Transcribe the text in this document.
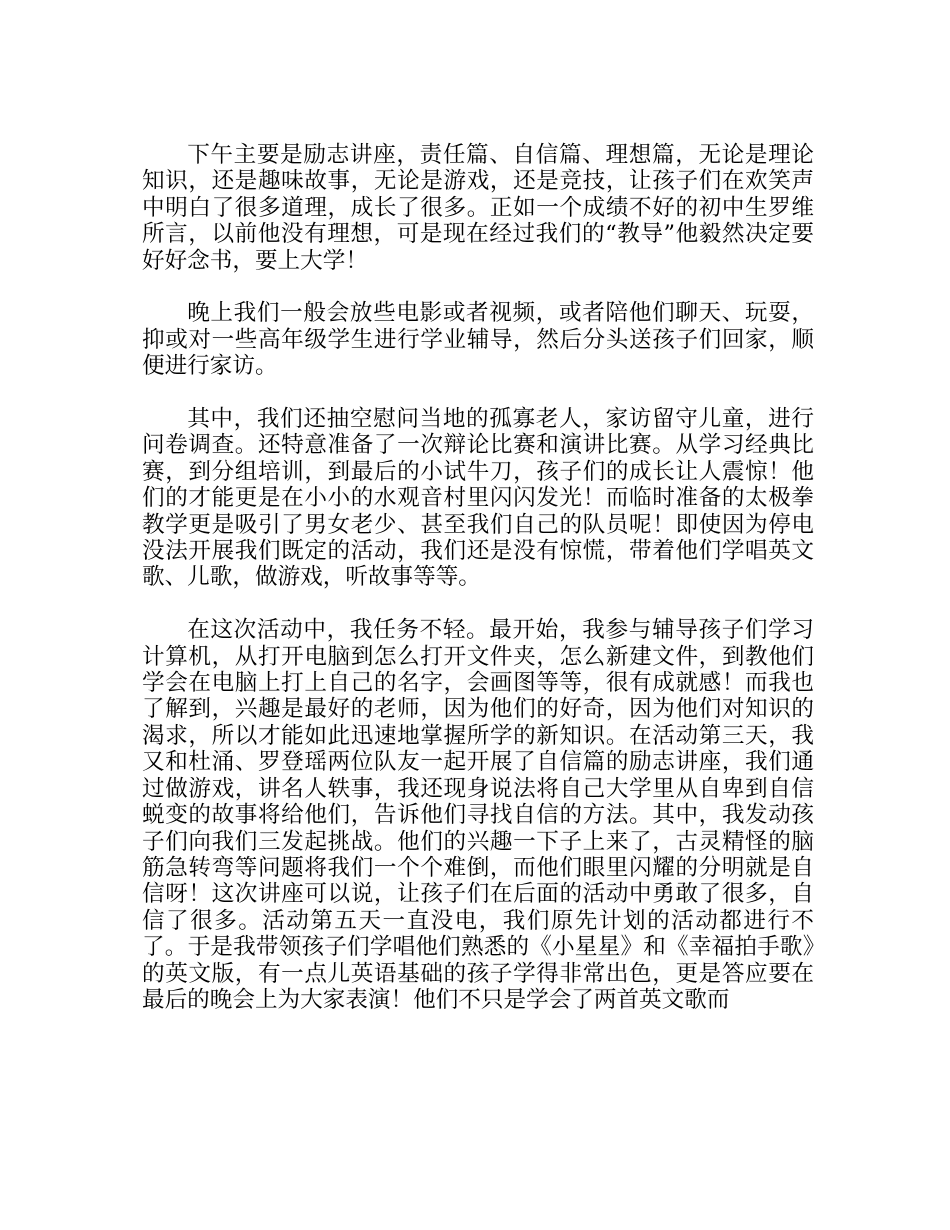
下午主要是励志讲座，责任篇、自信篇、理想篇，无论是理论知识，还是趣味故事，无论是游戏，还是竞技，让孩子们在欢笑声中明白了很多道理，成长了很多。正如一个成绩不好的初中生罗维所言，以前他没有理想，可是现在经过我们的“教导”他毅然决定要好好念书，要上大学！

晚上我们一般会放些电影或者视频，或者陪他们聊天、玩耍，抑或对一些高年级学生进行学业辅导，然后分头送孩子们回家，顺便进行家访。

其中，我们还抽空慰问当地的孤寡老人，家访留守儿童，进行问卷调查。还特意准备了一次辩论比赛和演讲比赛。从学习经典比赛，到分组培训，到最后的小试牛刀，孩子们的成长让人震惊！他们的才能更是在小小的水观音村里闪闪发光！而临时准备的太极拳教学更是吸引了男女老少、甚至我们自己的队员呢！即使因为停电没法开展我们既定的活动，我们还是没有惊慌，带着他们学唱英文歌、儿歌，做游戏，听故事等等。

在这次活动中，我任务不轻。最开始，我参与辅导孩子们学习计算机，从打开电脑到怎么打开文件夹，怎么新建文件，到教他们学会在电脑上打上自己的名字，会画图等等，很有成就感！而我也了解到，兴趣是最好的老师，因为他们的好奇，因为他们对知识的渴求，所以才能如此迅速地掌握所学的新知识。在活动第三天，我又和杜涌、罗登瑶两位队友一起开展了自信篇的励志讲座，我们通过做游戏，讲名人轶事，我还现身说法将自己大学里从自卑到自信蜕变的故事将给他们，告诉他们寻找自信的方法。其中，我发动孩子们向我们三发起挑战。他们的兴趣一下子上来了，古灵精怪的脑筋急转弯等问题将我们一个个难倒，而他们眼里闪耀的分明就是自信呀！这次讲座可以说，让孩子们在后面的活动中勇敢了很多，自信了很多。活动第五天一直没电，我们原先计划的活动都进行不了。于是我带领孩子们学唱他们熟悉的《小星星》和《幸福拍手歌》的英文版，有一点儿英语基础的孩子学得非常出色，更是答应要在最后的晚会上为大家表演！他们不只是学会了两首英文歌而
